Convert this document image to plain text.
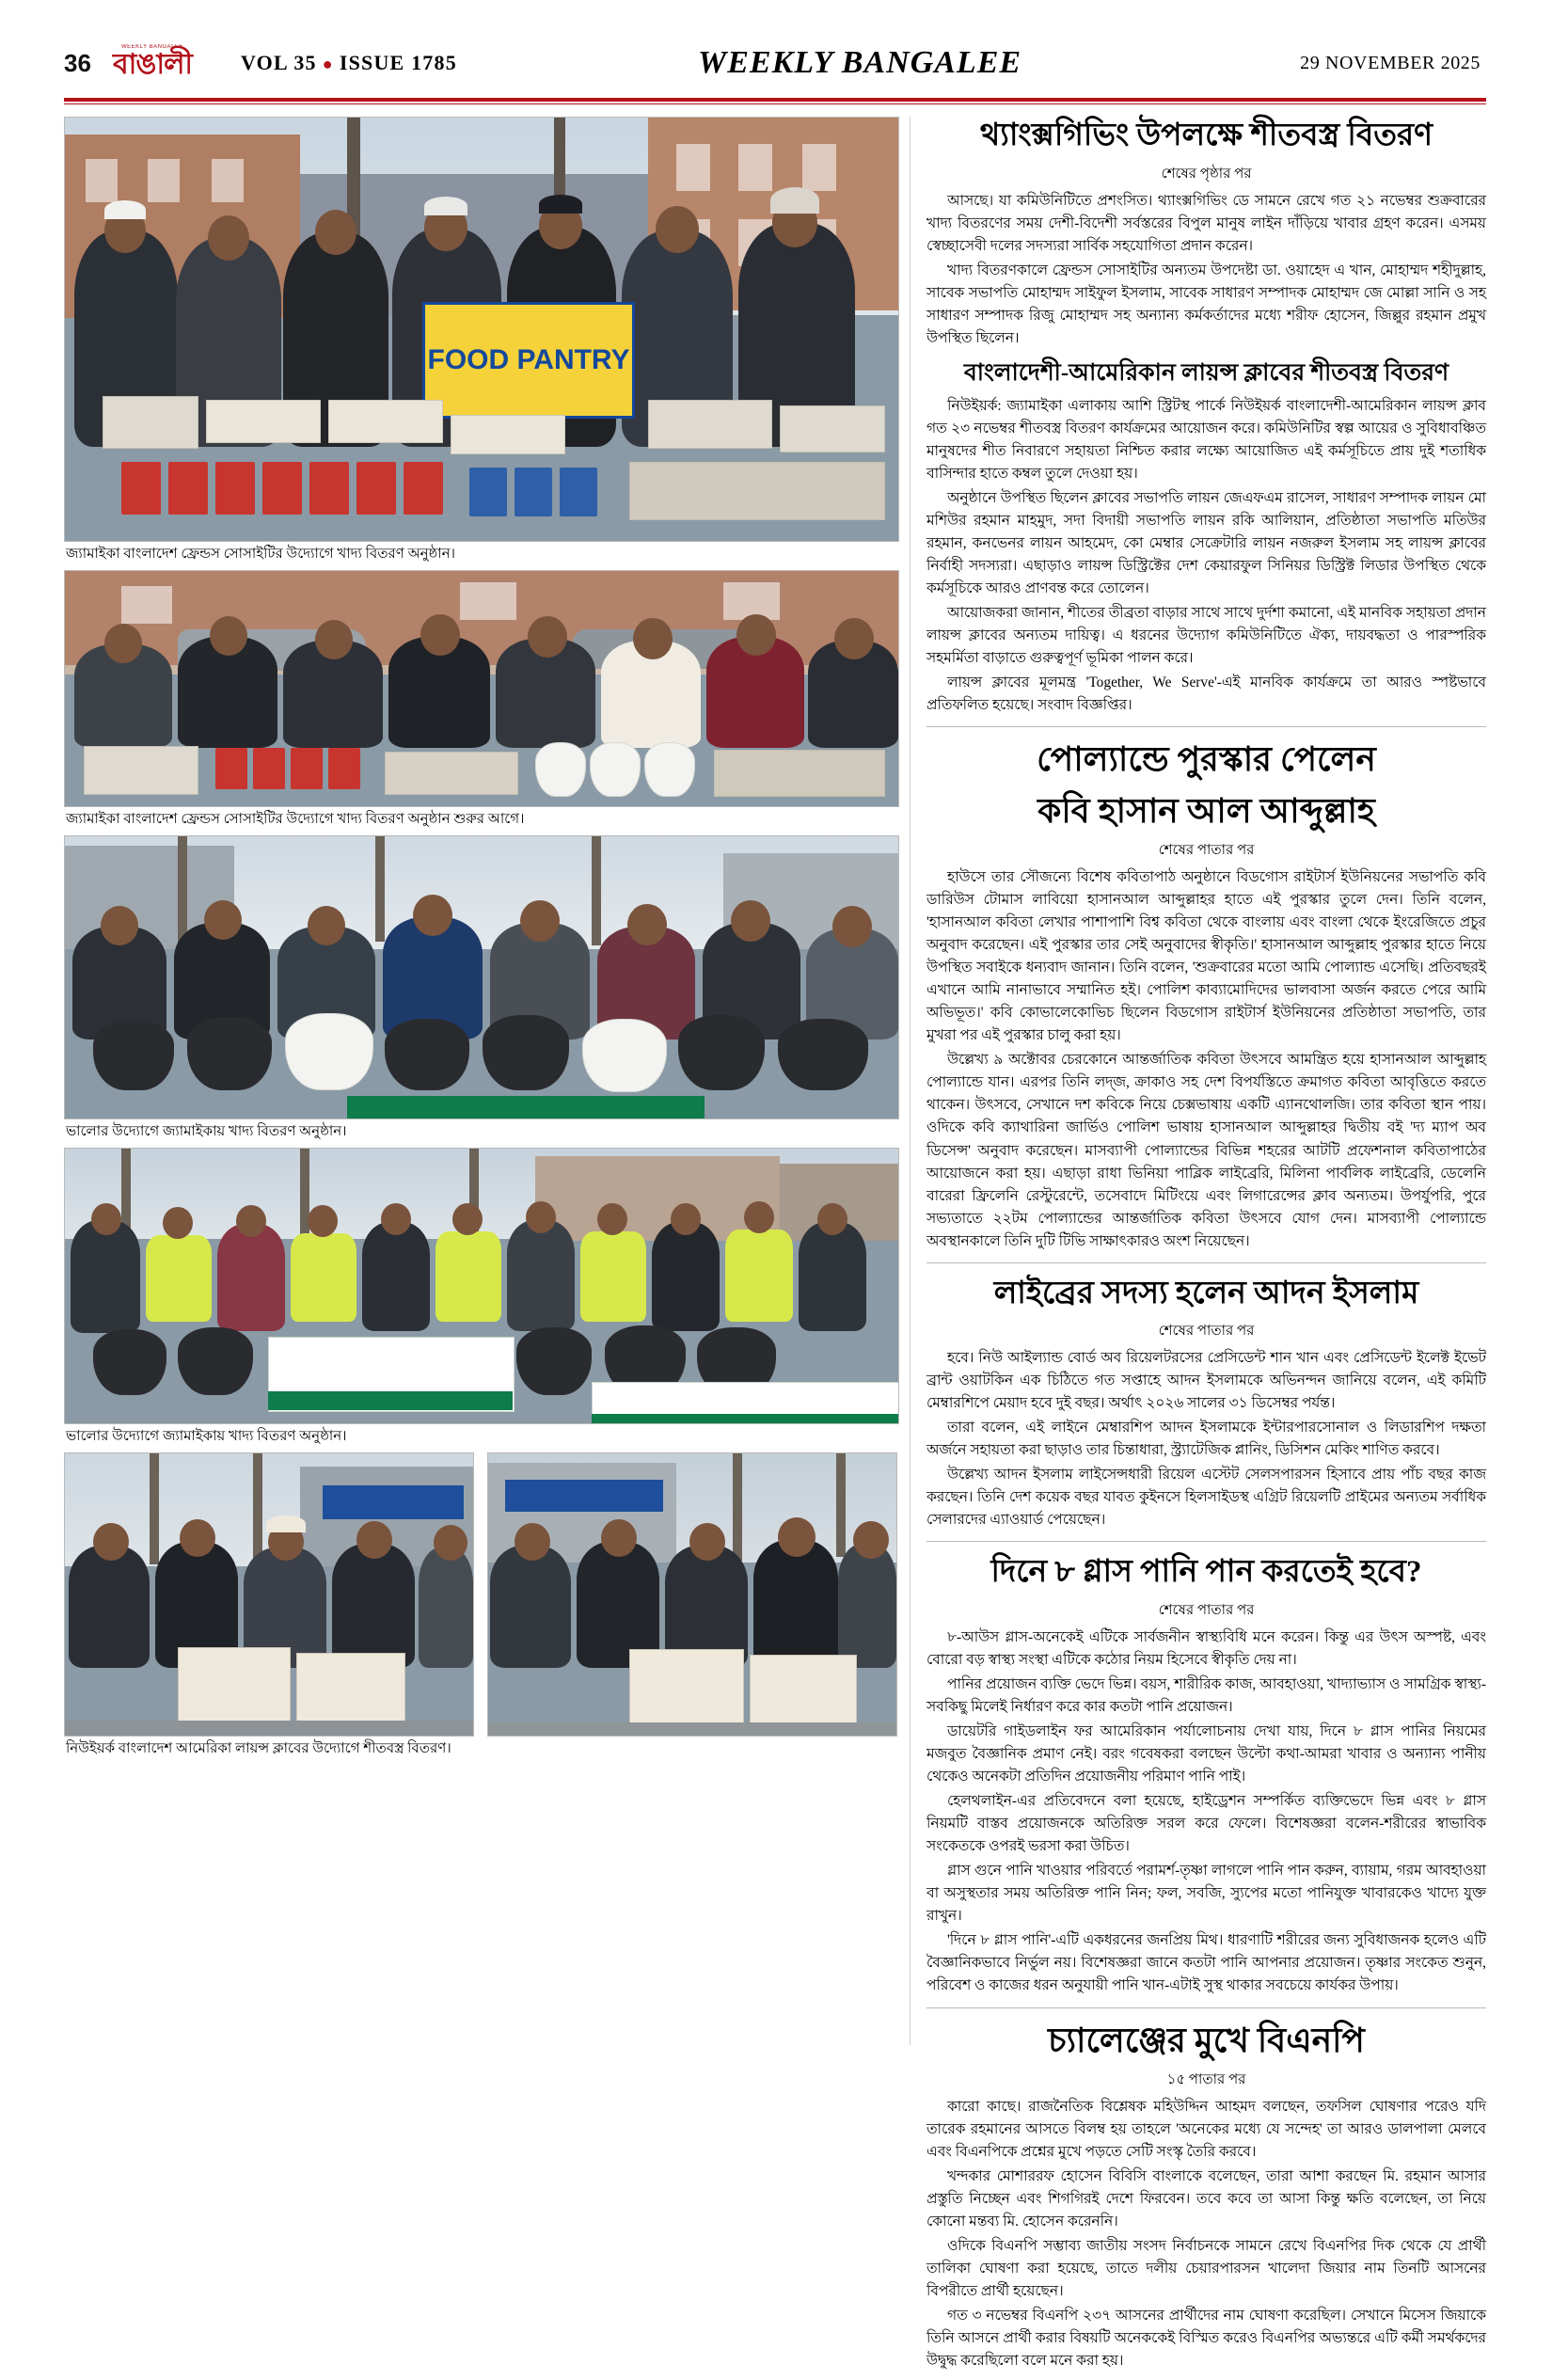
36
WEEKLY BANGALEE
বাঙালী	VOL 35 ● ISSUE 1785	WEEKLY BANGALEE	29 NOVEMBER 2025
FOOD PANTRY
জ্যামাইকা বাংলাদেশ ফ্রেন্ডস সোসাইটির উদ্যোগে খাদ্য বিতরণ অনুষ্ঠান।
জ্যামাইকা বাংলাদেশ ফ্রেন্ডস সোসাইটির উদ্যোগে খাদ্য বিতরণ অনুষ্ঠান শুরুর আগে।
ভালোর উদ্যোগে জ্যামাইকায় খাদ্য বিতরণ অনুষ্ঠান।
ভালোর উদ্যোগে জ্যামাইকায় খাদ্য বিতরণ অনুষ্ঠান।
নিউইয়র্ক বাংলাদেশ আমেরিকা লায়ন্স ক্লাবের উদ্যোগে শীতবস্ত্র বিতরণ।
থ্যাংক্সগিভিং উপলক্ষে শীতবস্ত্র বিতরণ
শেষের পৃষ্ঠার পর

আসছে। যা কমিউনিটিতে প্রশংসিত। থ্যাংক্সগিভিং ডে সামনে রেখে গত ২১ নভেম্বর শুক্রবারের খাদ্য বিতরণের সময় দেশী-বিদেশী সর্বস্তরের বিপুল মানুষ লাইন দাঁড়িয়ে খাবার গ্রহণ করেন। এসময় স্বেচ্ছাসেবী দলের সদস্যরা সার্বিক সহযোগিতা প্রদান করেন।

খাদ্য বিতরণকালে ফ্রেন্ডস সোসাইটির অন্যতম উপদেষ্টা ডা. ওয়াহেদ এ খান, মোহাম্মদ শহীদুল্লাহ, সাবেক সভাপতি মোহাম্মদ সাইফুল ইসলাম, সাবেক সাধারণ সম্পাদক মোহাম্মদ জে মোল্লা সানি ও সহ সাধারণ সম্পাদক রিজু মোহাম্মদ সহ অন্যান্য কর্মকর্তাদের মধ্যে শরীফ হোসেন, জিল্লুর রহমান প্রমুখ উপস্থিত ছিলেন।

বাংলাদেশী-আমেরিকান লায়ন্স ক্লাবের শীতবস্ত্র বিতরণ

নিউইয়র্ক: জ্যামাইকা এলাকায় আশি স্ট্রিটস্থ পার্কে নিউইয়র্ক বাংলাদেশী-আমেরিকান লায়ন্স ক্লাব গত ২৩ নভেম্বর শীতবস্ত্র বিতরণ কার্যক্রমের আয়োজন করে। কমিউনিটির স্বল্প আয়ের ও সুবিধাবঞ্চিত মানুষদের শীত নিবারণে সহায়তা নিশ্চিত করার লক্ষ্যে আয়োজিত এই কর্মসূচিতে প্রায় দুই শতাধিক বাসিন্দার হাতে কম্বল তুলে দেওয়া হয়।

অনুষ্ঠানে উপস্থিত ছিলেন ক্লাবের সভাপতি লায়ন জেএফএম রাসেল, সাধারণ সম্পাদক লায়ন মো মশিউর রহমান মাহমুদ, সদা বিদায়ী সভাপতি লায়ন রকি আলিয়ান, প্রতিষ্ঠাতা সভাপতি মতিউর রহমান, কনভেনর লায়ন আহমেদ, কো মেম্বার সেক্রেটারি লায়ন নজরুল ইসলাম সহ লায়ন্স ক্লাবের নির্বাহী সদস্যরা। এছাড়াও লায়ন্স ডিস্ট্রিক্টের দেশ কেয়ারফুল সিনিয়র ডিস্ট্রিক্ট লিডার উপস্থিত থেকে কর্মসূচিকে আরও প্রাণবন্ত করে তোলেন।

আয়োজকরা জানান, শীতের তীব্রতা বাড়ার সাথে সাথে দুর্দশা কমানো, এই মানবিক সহায়তা প্রদান লায়ন্স ক্লাবের অন্যতম দায়িত্ব। এ ধরনের উদ্যোগ কমিউনিটিতে ঐক্য, দায়বদ্ধতা ও পারস্পরিক সহমর্মিতা বাড়াতে গুরুত্বপূর্ণ ভূমিকা পালন করে।

লায়ন্স ক্লাবের মূলমন্ত্র 'Together, We Serve'-এই মানবিক কার্যক্রমে তা আরও স্পষ্টভাবে প্রতিফলিত হয়েছে। সংবাদ বিজ্ঞপ্তির।

পোল্যান্ডে পুরস্কার পেলেন
কবি হাসান আল আব্দুল্লাহ
শেষের পাতার পর

হাউসে তার সৌজন্যে বিশেষ কবিতাপাঠ অনুষ্ঠানে বিডগোস রাইটার্স ইউনিয়নের সভাপতি কবি ডারিউস টোমাস লাবিয়ো হাসানআল আব্দুল্লাহর হাতে এই পুরস্কার তুলে দেন। তিনি বলেন, 'হাসানআল কবিতা লেখার পাশাপাশি বিশ্ব কবিতা থেকে বাংলায় এবং বাংলা থেকে ইংরেজিতে প্রচুর অনুবাদ করেছেন। এই পুরস্কার তার সেই অনুবাদের স্বীকৃতি।' হাসানআল আব্দুল্লাহ পুরস্কার হাতে নিয়ে উপস্থিত সবাইকে ধন্যবাদ জানান। তিনি বলেন, 'শুক্রবারের মতো আমি পোল্যান্ড এসেছি। প্রতিবছরই এখানে আমি নানাভাবে সম্মানিত হই। পোলিশ কাব্যামোদিদের ভালবাসা অর্জন করতে পেরে আমি অভিভূত।' কবি কোভালেকোভিচ ছিলেন বিডগোস রাইটার্স ইউনিয়নের প্রতিষ্ঠাতা সভাপতি, তার মুখরা পর এই পুরস্কার চালু করা হয়।

উল্লেখ্য ৯ অক্টোবর চেরকোনে আন্তর্জাতিক কবিতা উৎসবে আমন্ত্রিত হয়ে হাসানআল আব্দুল্লাহ পোল্যান্ডে যান। এরপর তিনি লদ্‌জ, ক্রাকাও সহ দেশ বিপর্যস্তিতে ক্রমাগত কবিতা আবৃত্তিতে করতে থাকেন। উৎসবে, সেখানে দশ কবিকে নিয়ে চেক্সভাষায় একটি এ্যানথোলজি। তার কবিতা স্থান পায়। ওদিকে কবি ক্যাথারিনা জার্ভিও পোলিশ ভাষায় হাসানআল আব্দুল্লাহর দ্বিতীয় বই 'দ্য ম্যাপ অব ডিসেন্স' অনুবাদ করেছেন। মাসব্যাপী পোল্যান্ডের বিভিন্ন শহরের আটটি প্রফেশনাল কবিতাপাঠের আয়োজনে করা হয়। এছাড়া রাধা ভিনিয়া পাব্লিক লাইব্রেরি, মিলিনা পার্বলিক লাইব্রেরি, ডেলেনি বারেরা ফ্রিলেনি রেস্টুরেন্টে, তসেবাদে মিটিংয়ে এবং লিগারেন্সের ক্লাব অন্যতম। উপর্যুপরি, পুরে সভ্যতাতে ২২টম পোল্যান্ডের আন্তর্জাতিক কবিতা উৎসবে যোগ দেন। মাসব্যাপী পোল্যান্ডে অবস্থানকালে তিনি দুটি টিভি সাক্ষাৎকারও অংশ নিয়েছেন।

লাইব্রের সদস্য হলেন আদন ইসলাম
শেষের পাতার পর

হবে। নিউ আইল্যান্ড বোর্ড অব রিয়েলটরসের প্রেসিডেন্ট শান খান এবং প্রেসিডেন্ট ইলেক্ট ইভেট ব্রান্ট ওয়াটকিন এক চিঠিতে গত সপ্তাহে আদন ইসলামকে অভিনন্দন জানিয়ে বলেন, এই কমিটি মেম্বারশিপে মেয়াদ হবে দুই বছর। অর্থাৎ ২০২৬ সালের ৩১ ডিসেম্বর পর্যন্ত।

তারা বলেন, এই লাইনে মেম্বারশিপ আদন ইসলামকে ইন্টারপারসোনাল ও লিডারশিপ দক্ষতা অর্জনে সহায়তা করা ছাড়াও তার চিন্তাধারা, স্ট্র্যাটেজিক প্লানিং, ডিসিশন মেকিং শাণিত করবে।

উল্লেখ্য আদন ইসলাম লাইসেন্সধারী রিয়েল এস্টেট সেলসপারসন হিসাবে প্রায় পাঁচ বছর কাজ করছেন। তিনি দেশ কয়েক বছর যাবত কুইনসে হিলসাইডস্থ এগ্রিট রিয়েলটি প্রাইমের অন্যতম সর্বাধিক সেলারদের এ্যাওয়ার্ড পেয়েছেন।

দিনে ৮ গ্লাস পানি পান করতেই হবে?
শেষের পাতার পর

৮-আউস গ্লাস-অনেকেই এটিকে সার্বজনীন স্বাস্থ্যবিধি মনে করেন। কিন্তু এর উৎস অস্পষ্ট, এবং বোরো বড় স্বাস্থ্য সংস্থা এটিকে কঠোর নিয়ম হিসেবে স্বীকৃতি দেয় না।

পানির প্রয়োজন ব্যক্তি ভেদে ভিন্ন। বয়স, শারীরিক কাজ, আবহাওয়া, খাদ্যাভ্যাস ও সামগ্রিক স্বাস্থ্য-সবকিছু মিলেই নির্ধারণ করে কার কতটা পানি প্রয়োজন।

ডায়েটরি গাইডলাইন ফর আমেরিকান পর্যালোচনায় দেখা যায়, দিনে ৮ গ্লাস পানির নিয়মের মজবুত বৈজ্ঞানিক প্রমাণ নেই। বরং গবেষকরা বলছেন উল্টো কথা-আমরা খাবার ও অন্যান্য পানীয় থেকেও অনেকটা প্রতিদিন প্রয়োজনীয় পরিমাণ পানি পাই।

হেলথলাইন-এর প্রতিবেদনে বলা হয়েছে, হাইড্রেশন সম্পর্কিত ব্যক্তিভেদে ভিন্ন এবং ৮ গ্লাস নিয়মটি বাস্তব প্রয়োজনকে অতিরিক্ত সরল করে ফেলে। বিশেষজ্ঞরা বলেন-শরীরের স্বাভাবিক সংকেতকে ওপরই ভরসা করা উচিত।

গ্লাস গুনে পানি খাওয়ার পরিবর্তে পরামর্শ-তৃষ্ণা লাগলে পানি পান করুন, ব্যায়াম, গরম আবহাওয়া বা অসুস্থতার সময় অতিরিক্ত পানি নিন; ফল, সবজি, স্যুপের মতো পানিযুক্ত খাবারকেও খাদ্যে যুক্ত রাখুন।

'দিনে ৮ গ্লাস পানি'-এটি একধরনের জনপ্রিয় মিথ। ধারণাটি শরীরের জন্য সুবিধাজনক হলেও এটি বৈজ্ঞানিকভাবে নির্ভুল নয়। বিশেষজ্ঞরা জানে কতটা পানি আপনার প্রয়োজন। তৃষ্ণার সংকেত শুনুন, পরিবেশ ও কাজের ধরন অনুযায়ী পানি খান-এটাই সুস্থ থাকার সবচেয়ে কার্যকর উপায়।

চ্যালেঞ্জের মুখে বিএনপি
১৫ পাতার পর

কারো কাছে। রাজনৈতিক বিশ্লেষক মহিউদ্দিন আহমদ বলছেন, তফসিল ঘোষণার পরেও যদি তারেক রহমানের আসতে বিলম্ব হয় তাহলে 'অনেকের মধ্যে যে সন্দেহ' তা আরও ডালপালা মেলবে এবং বিএনপিকে প্রশ্নের মুখে পড়তে সেটি সংস্কৃ তৈরি করবে।

খন্দকার মোশাররফ হোসেন বিবিসি বাংলাকে বলেছেন, তারা আশা করছেন মি. রহমান আসার প্রস্তুতি নিচ্ছেন এবং শিগগিরই দেশে ফিরবেন। তবে কবে তা আসা কিন্তু ক্ষতি বলেছেন, তা নিয়ে কোনো মন্তব্য মি. হোসেন করেননি।

ওদিকে বিএনপি সম্ভাব্য জাতীয় সংসদ নির্বাচনকে সামনে রেখে বিএনপির দিক থেকে যে প্রার্থী তালিকা ঘোষণা করা হয়েছে, তাতে দলীয় চেয়ারপারসন খালেদা জিয়ার নাম তিনটি আসনের বিপরীতে প্রার্থী হয়েছেন।

গত ৩ নভেম্বর বিএনপি ২৩৭ আসনের প্রার্থীদের নাম ঘোষণা করেছিল। সেখানে মিসেস জিয়াকে তিনি আসনে প্রার্থী করার বিষয়টি অনেককেই বিস্মিত করেও বিএনপির অভ্যন্তরে এটি কর্মী সমর্থকদের উদ্বুদ্ধ করেছিলো বলে মনে করা হয়।
